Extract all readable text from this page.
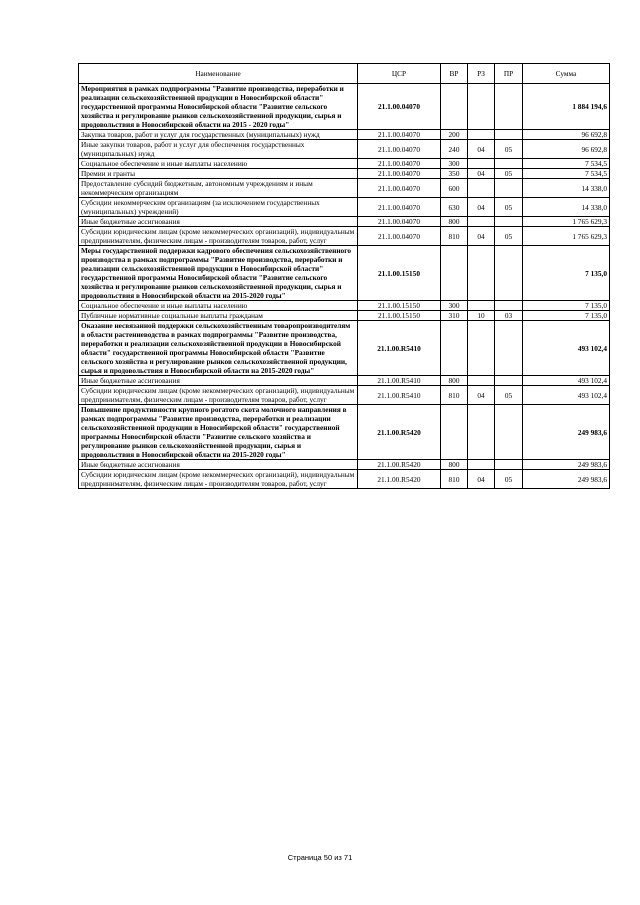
Наименование	ЦСР	ВР	РЗ	ПР	Сумма
Мероприятия в рамках подпрограммы "Развитие производства, переработки и реализации сельскохозяйственной продукции в Новосибирской области" государственной программы Новосибирской области "Развитие сельского хозяйства и регулирование рынков сельскохозяйственной продукции, сырья и продовольствия в Новосибирской области на 2015 - 2020 годы"	21.1.00.04070				1 884 194,6
Закупка товаров, работ и услуг для государственных (муниципальных) нужд	21.1.00.04070	200			96 692,8
Иные закупки товаров, работ и услуг для обеспечения государственных (муниципальных) нужд	21.1.00.04070	240	04	05	96 692,8
Социальное обеспечение и иные выплаты населению	21.1.00.04070	300			7 534,5
Премии и гранты	21.1.00.04070	350	04	05	7 534,5
Предоставление субсидий бюджетным, автономным учреждениям и иным некоммерческим организациям	21.1.00.04070	600			14 338,0
Субсидии некоммерческим организациям (за исключением государственных (муниципальных) учреждений)	21.1.00.04070	630	04	05	14 338,0
Иные бюджетные ассигнования	21.1.00.04070	800			1 765 629,3
Субсидии юридическим лицам (кроме некоммерческих организаций), индивидуальным предпринимателям, физическим лицам - производителям товаров, работ, услуг	21.1.00.04070	810	04	05	1 765 629,3
Меры государственной поддержки кадрового обеспечения сельскохозяйственного производства в рамках подпрограммы "Развитие производства, переработки и реализации сельскохозяйственной продукции в Новосибирской области" государственной программы Новосибирской области "Развитие сельского хозяйства и регулирование рынков сельскохозяйственной продукции, сырья и продовольствия в Новосибирской области на 2015-2020 годы"	21.1.00.15150				7 135,0
Социальное обеспечение и иные выплаты населению	21.1.00.15150	300			7 135,0
Публичные нормативные социальные выплаты гражданам	21.1.00.15150	310	10	03	7 135,0
Оказание несвязанной поддержки сельскохозяйственным товаропроизводителям в области растениеводства в рамках подпрограммы "Развитие производства, переработки и реализации сельскохозяйственной продукции в Новосибирской области" государственной программы Новосибирской области "Развитие сельского хозяйства и регулирование рынков сельскохозяйственной продукции, сырья и продовольствия в Новосибирской области на 2015-2020 годы"	21.1.00.R5410				493 102,4
Иные бюджетные ассигнования	21.1.00.R5410	800			493 102,4
Субсидии юридическим лицам (кроме некоммерческих организаций), индивидуальным предпринимателям, физическим лицам - производителям товаров, работ, услуг	21.1.00.R5410	810	04	05	493 102,4
Повышение продуктивности крупного рогатого скота молочного направления в рамках подпрограммы "Развитие производства, переработки и реализации сельскохозяйственной продукции в Новосибирской области" государственной программы Новосибирской области "Развитие сельского хозяйства и регулирование рынков сельскохозяйственной продукции, сырья и продовольствия в Новосибирской области на 2015-2020 годы"	21.1.00.R5420				249 983,6
Иные бюджетные ассигнования	21.1.00.R5420	800			249 983,6
Субсидии юридическим лицам (кроме некоммерческих организаций), индивидуальным предпринимателям, физическим лицам - производителям товаров, работ, услуг	21.1.00.R5420	810	04	05	249 983,6
Страница 50 из 71
